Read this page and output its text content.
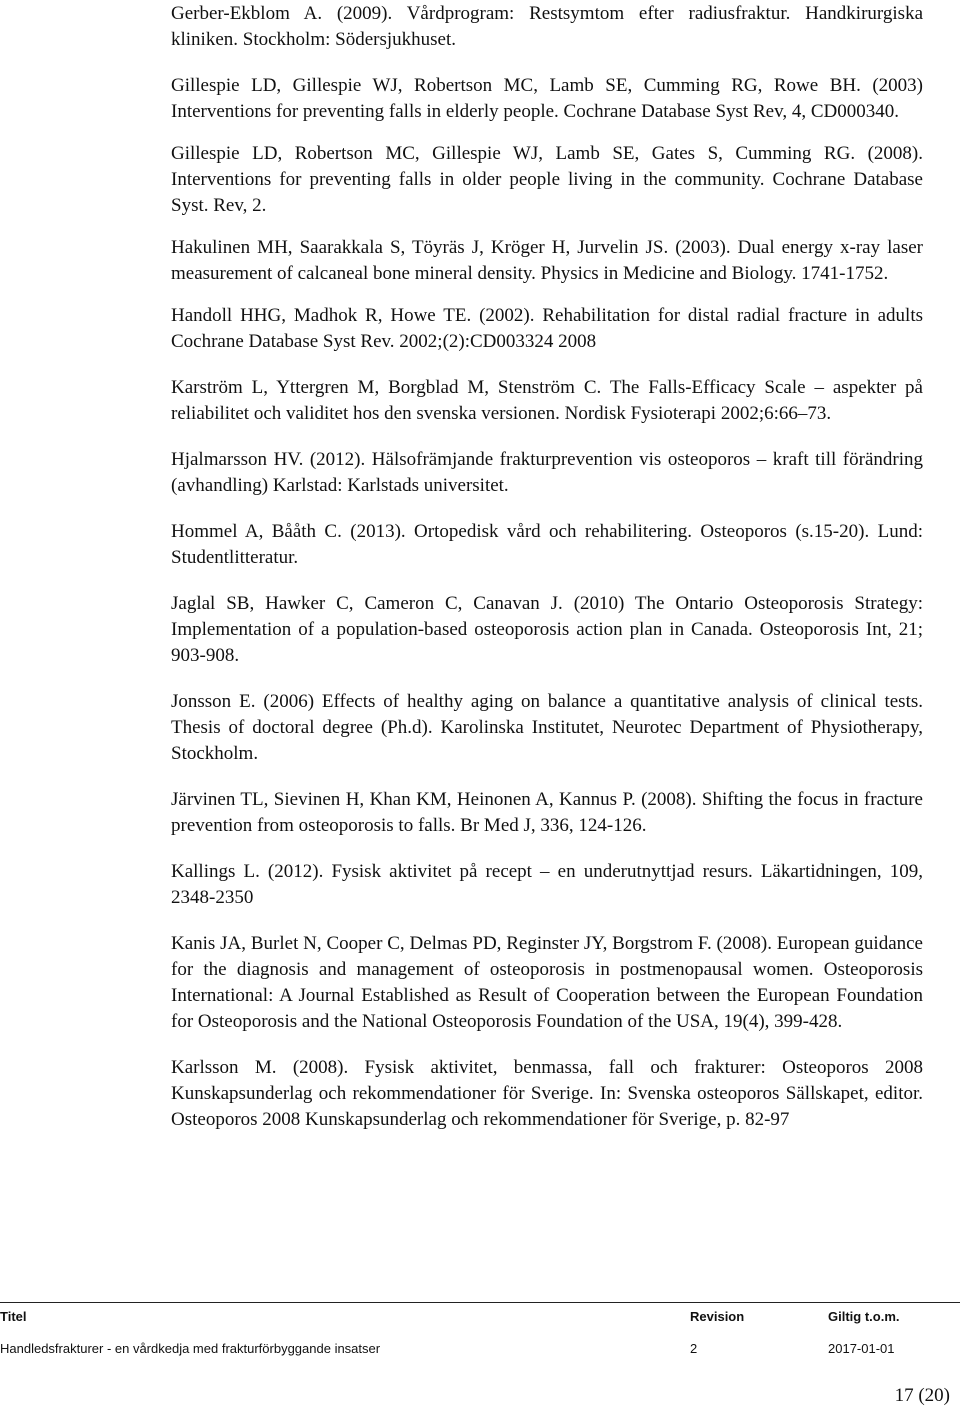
Gerber-Ekblom A. (2009). Vårdprogram: Restsymtom efter radiusfraktur. Handkirurgiska kliniken. Stockholm: Södersjukhuset.

Gillespie LD, Gillespie WJ, Robertson MC, Lamb SE, Cumming RG, Rowe BH. (2003) Interventions for preventing falls in elderly people. Cochrane Database Syst Rev, 4, CD000340.

Gillespie LD, Robertson MC, Gillespie WJ, Lamb SE, Gates S, Cumming RG. (2008). Interventions for preventing falls in older people living in the community. Cochrane Database Syst. Rev, 2.

Hakulinen MH, Saarakkala S, Töyräs J, Kröger H, Jurvelin JS. (2003). Dual energy x-ray laser measurement of calcaneal bone mineral density. Physics in Medicine and Biology. 1741-1752.

Handoll HHG, Madhok R, Howe TE. (2002). Rehabilitation for distal radial fracture in adults Cochrane Database Syst Rev. 2002;(2):CD003324 2008

Karström L, Yttergren M, Borgblad M, Stenström C. The Falls-Efficacy Scale – aspekter på reliabilitet och validitet hos den svenska versionen. Nordisk Fysioterapi 2002;6:66–73.

Hjalmarsson HV. (2012). Hälsofrämjande frakturprevention vis osteoporos – kraft till förändring (avhandling) Karlstad: Karlstads universitet.

Hommel A, Bååth C. (2013). Ortopedisk vård och rehabilitering. Osteoporos (s.15-20). Lund: Studentlitteratur.

Jaglal SB, Hawker C, Cameron C, Canavan J. (2010) The Ontario Osteoporosis Strategy: Implementation of a population-based osteoporosis action plan in Canada. Osteoporosis Int, 21; 903-908.

Jonsson E. (2006) Effects of healthy aging on balance a quantitative analysis of clinical tests. Thesis of doctoral degree (Ph.d). Karolinska Institutet, Neurotec Department of Physiotherapy, Stockholm.

Järvinen TL, Sievinen H, Khan KM, Heinonen A, Kannus P. (2008). Shifting the focus in fracture prevention from osteoporosis to falls. Br Med J, 336, 124-126.

Kallings L. (2012). Fysisk aktivitet på recept – en underutnyttjad resurs. Läkartidningen, 109, 2348-2350

Kanis JA, Burlet N, Cooper C, Delmas PD, Reginster JY, Borgstrom F. (2008). European guidance for the diagnosis and management of osteoporosis in postmenopausal women. Osteoporosis International: A Journal Established as Result of Cooperation between the European Foundation for Osteoporosis and the National Osteoporosis Foundation of the USA, 19(4), 399-428.

Karlsson M. (2008). Fysisk aktivitet, benmassa, fall och frakturer: Osteoporos 2008 Kunskapsunderlag och rekommendationer för Sverige. In: Svenska osteoporos Sällskapet, editor. Osteoporos 2008 Kunskapsunderlag och rekommendationer för Sverige, p. 82-97

Titel
Handledsfrakturer - en vårdkedja med frakturförbyggande insatser
Revision
2
Giltig t.o.m.
2017-01-01
17 (20)
